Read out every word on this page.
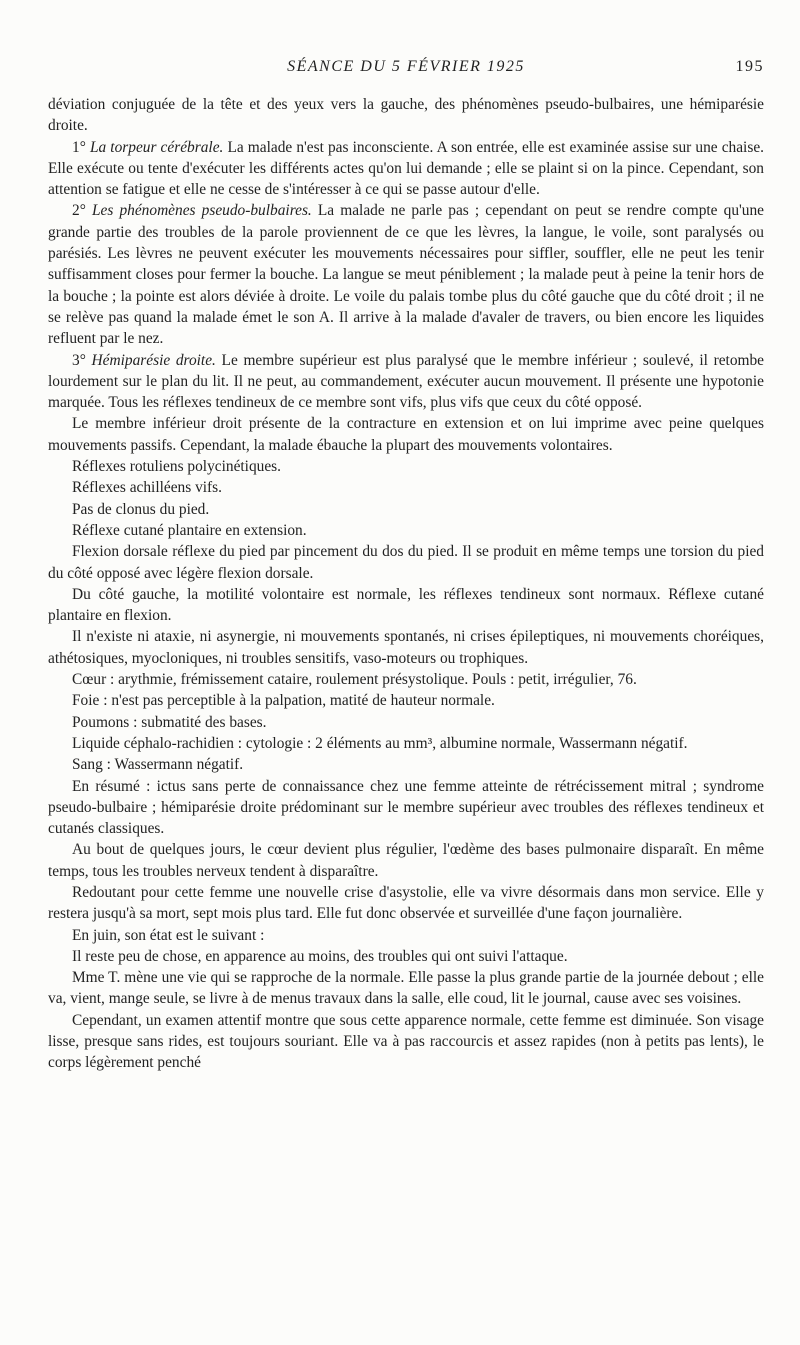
SÉANCE DU 5 FÉVRIER 1925	195

déviation conjuguée de la tête et des yeux vers la gauche, des phénomènes pseudo-bulbaires, une hémiparésie droite.

1° La torpeur cérébrale. La malade n'est pas inconsciente. A son entrée, elle est examinée assise sur une chaise. Elle exécute ou tente d'exécuter les différents actes qu'on lui demande ; elle se plaint si on la pince. Cependant, son attention se fatigue et elle ne cesse de s'intéresser à ce qui se passe autour d'elle.

2° Les phénomènes pseudo-bulbaires. La malade ne parle pas ; cependant on peut se rendre compte qu'une grande partie des troubles de la parole proviennent de ce que les lèvres, la langue, le voile, sont paralysés ou parésiés. Les lèvres ne peuvent exécuter les mouvements nécessaires pour siffler, souffler, elle ne peut les tenir suffisamment closes pour fermer la bouche. La langue se meut péniblement ; la malade peut à peine la tenir hors de la bouche ; la pointe est alors déviée à droite. Le voile du palais tombe plus du côté gauche que du côté droit ; il ne se relève pas quand la malade émet le son A. Il arrive à la malade d'avaler de travers, ou bien encore les liquides refluent par le nez.

3° Hémiparésie droite. Le membre supérieur est plus paralysé que le membre inférieur ; soulevé, il retombe lourdement sur le plan du lit. Il ne peut, au commandement, exécuter aucun mouvement. Il présente une hypotonie marquée. Tous les réflexes tendineux de ce membre sont vifs, plus vifs que ceux du côté opposé.

Le membre inférieur droit présente de la contracture en extension et on lui imprime avec peine quelques mouvements passifs. Cependant, la malade ébauche la plupart des mouvements volontaires.

Réflexes rotuliens polycinétiques.

Réflexes achilléens vifs.

Pas de clonus du pied.

Réflexe cutané plantaire en extension.

Flexion dorsale réflexe du pied par pincement du dos du pied. Il se produit en même temps une torsion du pied du côté opposé avec légère flexion dorsale.

Du côté gauche, la motilité volontaire est normale, les réflexes tendineux sont normaux. Réflexe cutané plantaire en flexion.

Il n'existe ni ataxie, ni asynergie, ni mouvements spontanés, ni crises épileptiques, ni mouvements choréiques, athétosiques, myocloniques, ni troubles sensitifs, vaso-moteurs ou trophiques.

Cœur : arythmie, frémissement cataire, roulement présystolique. Pouls : petit, irrégulier, 76.

Foie : n'est pas perceptible à la palpation, matité de hauteur normale.

Poumons : submatité des bases.

Liquide céphalo-rachidien : cytologie : 2 éléments au mm³, albumine normale, Wassermann négatif.

Sang : Wassermann négatif.

En résumé : ictus sans perte de connaissance chez une femme atteinte de rétrécissement mitral ; syndrome pseudo-bulbaire ; hémiparésie droite prédominant sur le membre supérieur avec troubles des réflexes tendineux et cutanés classiques.

Au bout de quelques jours, le cœur devient plus régulier, l'œdème des bases pulmonaire disparaît. En même temps, tous les troubles nerveux tendent à disparaître.

Redoutant pour cette femme une nouvelle crise d'asystolie, elle va vivre désormais dans mon service. Elle y restera jusqu'à sa mort, sept mois plus tard. Elle fut donc observée et surveillée d'une façon journalière.

En juin, son état est le suivant :

Il reste peu de chose, en apparence au moins, des troubles qui ont suivi l'attaque.

Mme T. mène une vie qui se rapproche de la normale. Elle passe la plus grande partie de la journée debout ; elle va, vient, mange seule, se livre à de menus travaux dans la salle, elle coud, lit le journal, cause avec ses voisines.

Cependant, un examen attentif montre que sous cette apparence normale, cette femme est diminuée. Son visage lisse, presque sans rides, est toujours souriant. Elle va à pas raccourcis et assez rapides (non à petits pas lents), le corps légèrement penché
